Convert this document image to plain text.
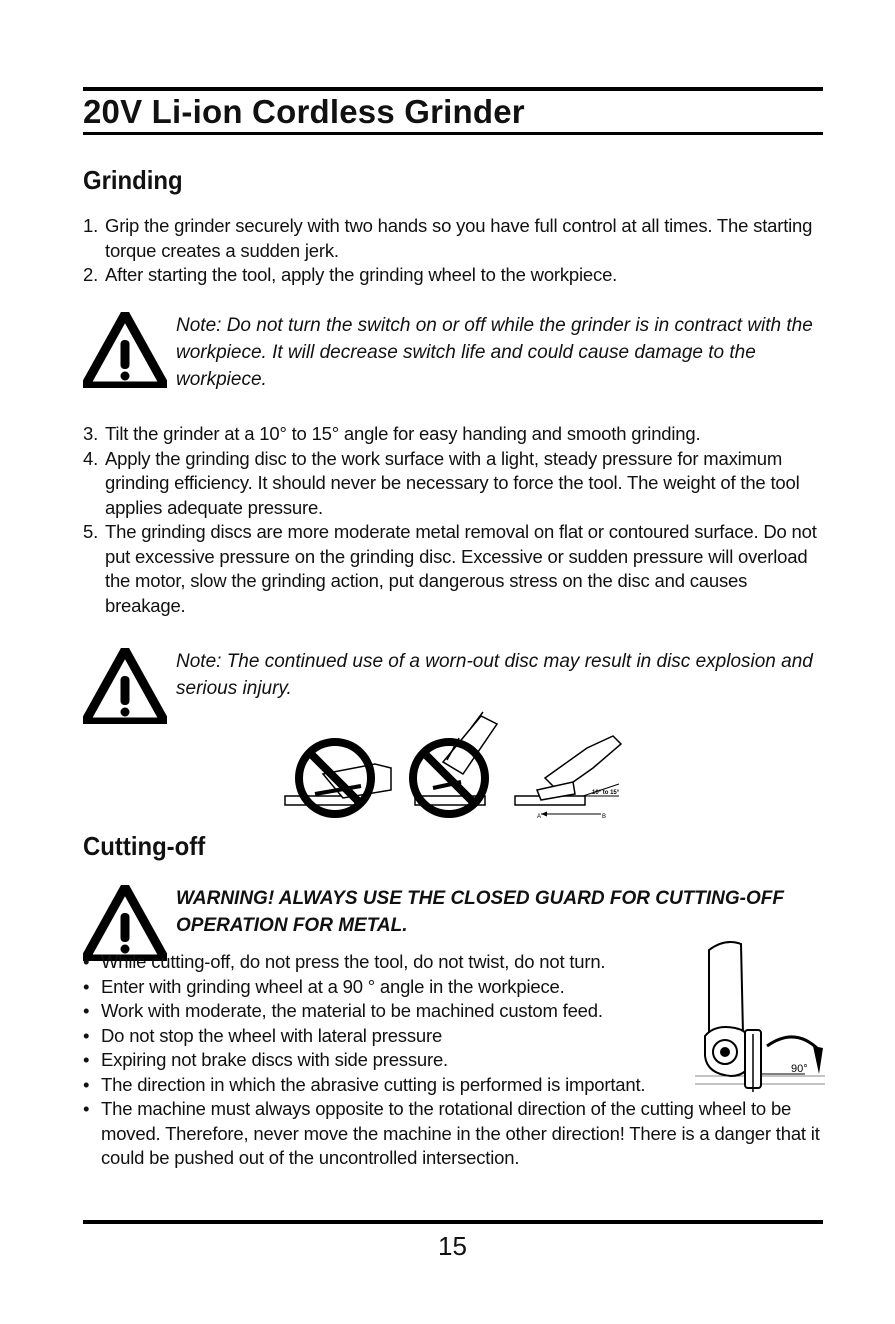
20V Li-ion Cordless Grinder
Grinding
1. Grip the grinder securely with two hands so you have full control at all times. The starting torque creates a sudden jerk.
2. After starting the tool, apply the grinding wheel to the workpiece.
Note: Do not turn the switch on or off while the grinder is in contract with the workpiece. It will decrease switch life and could cause damage to the workpiece.
3. Tilt the grinder at a 10° to 15° angle for easy handing and smooth grinding.
4. Apply the grinding disc to the work surface with a light, steady pressure for maximum grinding efficiency. It should never be necessary to force the tool. The weight of the tool applies adequate pressure.
5. The grinding discs are more moderate metal removal on flat or contoured surface. Do not put excessive pressure on the grinding disc. Excessive or sudden pressure will overload the motor, slow the grinding action, put dangerous stress on the disc and causes breakage.
Note: The continued use of a worn-out disc may result in disc explosion and serious injury.
A	B
10° to 15°
Cutting-off
WARNING! ALWAYS USE THE CLOSED GUARD FOR CUTTING-OFF OPERATION FOR METAL.
• While cutting-off, do not press the tool, do not twist, do not turn.
• Enter with grinding wheel at a 90 ° angle in the workpiece.
• Work with moderate, the material to be machined custom feed.
• Do not stop the wheel with lateral pressure
• Expiring not brake discs with side pressure.
• The direction in which the abrasive cutting is performed is important.
• The machine must always opposite to the rotational direction of the cutting wheel to be moved. Therefore, never move the machine in the other direction! There is a danger that it could be pushed out of the uncontrolled intersection.
90°
15
